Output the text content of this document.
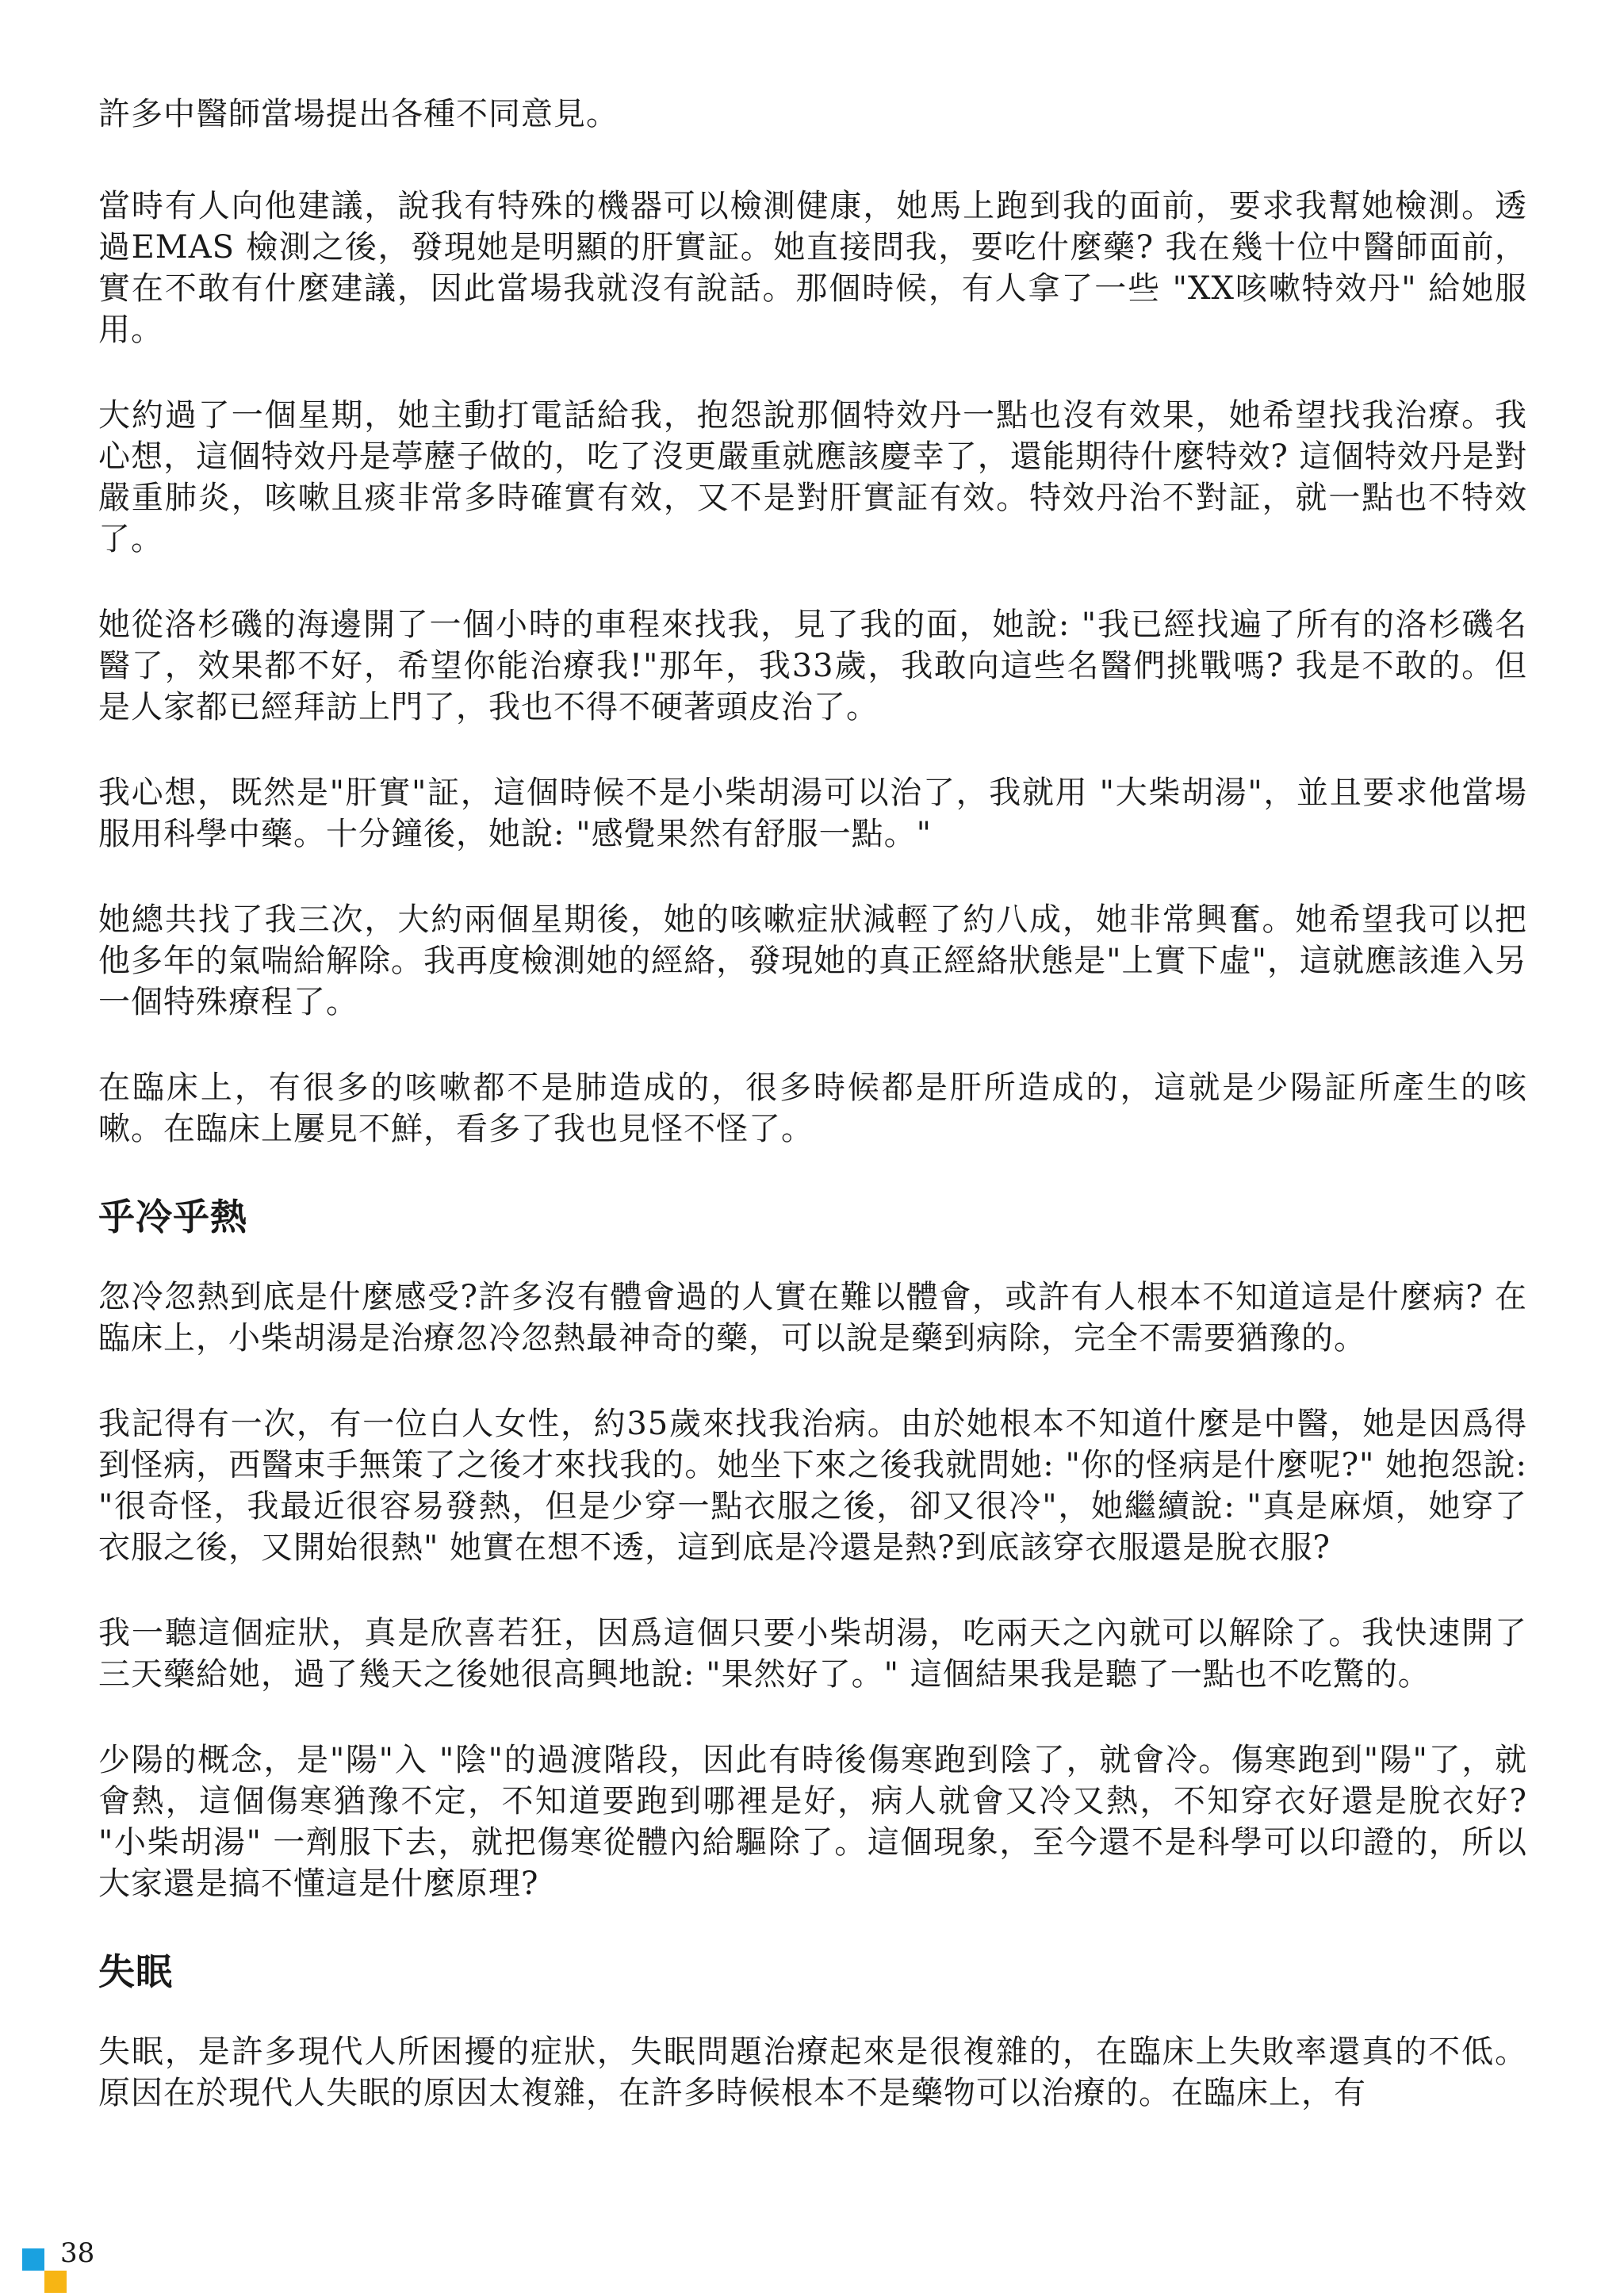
許多中醫師當場提出各種不同意見。

當時有人向他建議，說我有特殊的機器可以檢測健康，她馬上跑到我的面前，要求我幫她檢測。透過EMAS 檢測之後，發現她是明顯的肝實証。她直接問我，要吃什麼藥? 我在幾十位中醫師面前，實在不敢有什麼建議，因此當場我就沒有說話。那個時候，有人拿了一些 "XX咳嗽特效丹" 給她服用。

大約過了一個星期，她主動打電話給我，抱怨說那個特效丹一點也沒有效果，她希望找我治療。我心想，這個特效丹是葶藶子做的，吃了沒更嚴重就應該慶幸了，還能期待什麼特效? 這個特效丹是對嚴重肺炎，咳嗽且痰非常多時確實有效，又不是對肝實証有效。特效丹治不對証，就一點也不特效了。

她從洛杉磯的海邊開了一個小時的車程來找我，見了我的面，她說: "我已經找遍了所有的洛杉磯名醫了，效果都不好，希望你能治療我!"那年，我33歲，我敢向這些名醫們挑戰嗎? 我是不敢的。但是人家都已經拜訪上門了，我也不得不硬著頭皮治了。

我心想，既然是"肝實"証，這個時候不是小柴胡湯可以治了，我就用 "大柴胡湯"，並且要求他當場服用科學中藥。十分鐘後，她說: "感覺果然有舒服一點。"

她總共找了我三次，大約兩個星期後，她的咳嗽症狀減輕了約八成，她非常興奮。她希望我可以把他多年的氣喘給解除。我再度檢測她的經絡，發現她的真正經絡狀態是"上實下虛"，這就應該進入另一個特殊療程了。

在臨床上，有很多的咳嗽都不是肺造成的，很多時候都是肝所造成的，這就是少陽証所產生的咳嗽。在臨床上屢見不鮮，看多了我也見怪不怪了。

乎冷乎熱

忽冷忽熱到底是什麼感受?許多沒有體會過的人實在難以體會，或許有人根本不知道這是什麼病? 在臨床上，小柴胡湯是治療忽冷忽熱最神奇的藥，可以說是藥到病除，完全不需要猶豫的。

我記得有一次，有一位白人女性，約35歲來找我治病。由於她根本不知道什麼是中醫，她是因爲得到怪病，西醫束手無策了之後才來找我的。她坐下來之後我就問她: "你的怪病是什麼呢?" 她抱怨說: "很奇怪，我最近很容易發熱，但是少穿一點衣服之後，卻又很冷"，她繼續說: "真是麻煩，她穿了衣服之後，又開始很熱" 她實在想不透，這到底是冷還是熱?到底該穿衣服還是脫衣服?

我一聽這個症狀，真是欣喜若狂，因爲這個只要小柴胡湯，吃兩天之內就可以解除了。我快速開了三天藥給她，過了幾天之後她很高興地說: "果然好了。" 這個結果我是聽了一點也不吃驚的。

少陽的概念，是"陽"入 "陰"的過渡階段，因此有時後傷寒跑到陰了，就會冷。傷寒跑到"陽"了，就會熱，這個傷寒猶豫不定，不知道要跑到哪裡是好，病人就會又冷又熱，不知穿衣好還是脫衣好? "小柴胡湯" 一劑服下去，就把傷寒從體內給驅除了。這個現象，至今還不是科學可以印證的，所以大家還是搞不懂這是什麼原理?

失眠

失眠，是許多現代人所困擾的症狀，失眠問題治療起來是很複雜的，在臨床上失敗率還真的不低。原因在於現代人失眠的原因太複雜，在許多時候根本不是藥物可以治療的。在臨床上，有

38
